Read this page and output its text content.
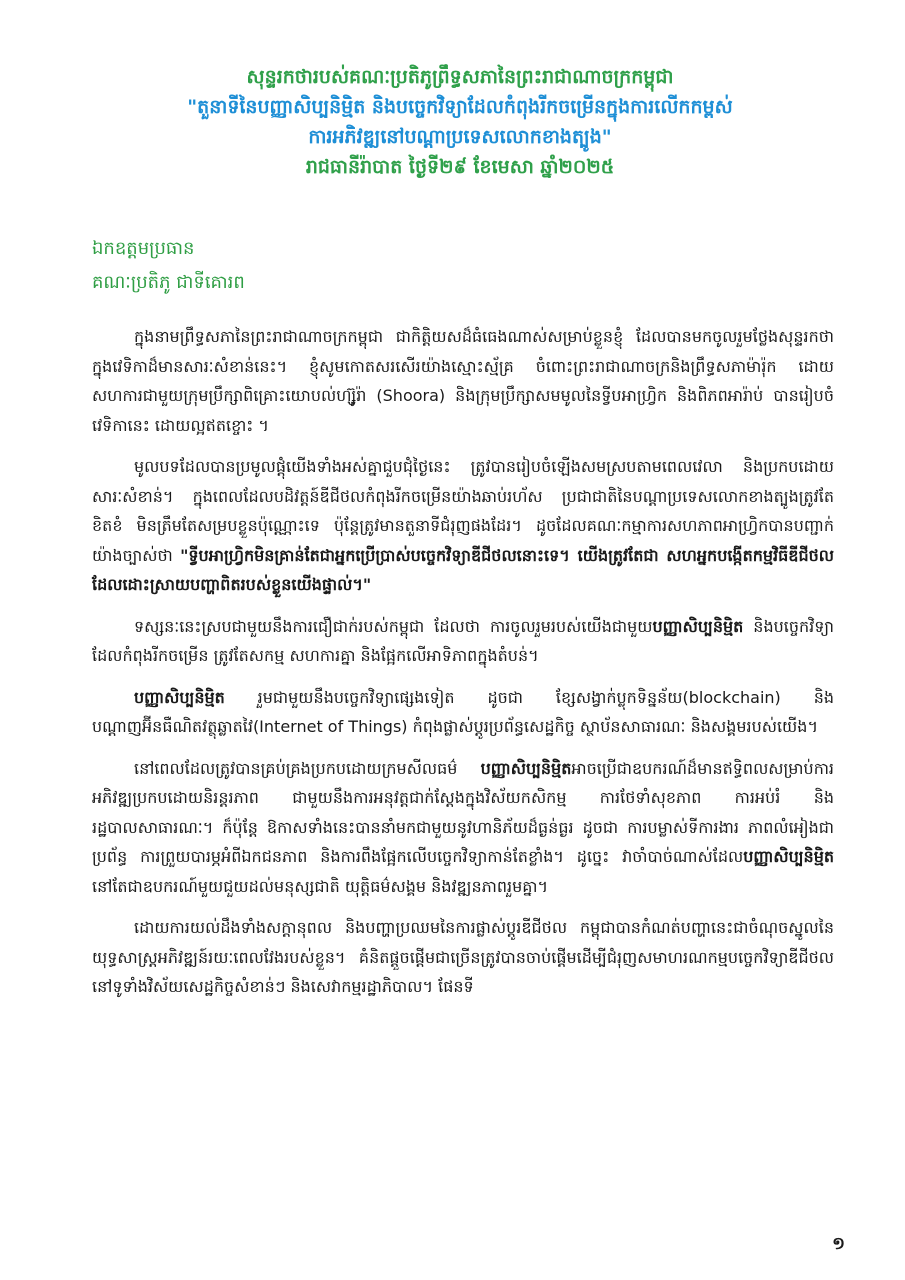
សុន្ទរកថារបស់គណៈប្រតិភូព្រឹទ្ធសភានៃព្រះរាជាណាចក្រកម្ពុជា
"តួនាទីនៃបញ្ញាសិប្បនិម្មិត និងបច្ចេកវិទ្យាដែលកំពុងរីកចម្រើនក្នុងការលើកកម្ពស់
ការអភិវឌ្ឍនៅបណ្តាប្រទេសលោកខាងត្បូង"
រាជធានីរ៉ាបាត ថ្ងៃទី២៩ ខែមេសា ឆ្នាំ២០២៥
ឯកឧត្តមប្រធាន
គណៈប្រតិភូ ជាទីគោរព

ក្នុងនាមព្រឹទ្ធសភានៃព្រះរាជាណាចក្រកម្ពុជា ជាកិត្តិយសដ៏ធំធេងណាស់សម្រាប់ខ្លួនខ្ញុំ ដែលបានមកចូលរួមថ្លែងសុន្ទរកថាក្នុងវេទិកាដ៏មានសារៈសំខាន់នេះ។ ខ្ញុំសូមកោតសរសើរយ៉ាងស្មោះស្ម័គ្រ ចំពោះព្រះរាជាណាចក្រនិងព្រឹទ្ធសភាម៉ារ៉ុក ដោយសហការជាមួយក្រុមប្រឹក្សាពិគ្រោះយោបល់ហ្ស៊ូរ៉ា (Shoora) និងក្រុមប្រឹក្សាសមមូលនៃទ្វីបអាហ្វ្រិក និងពិភពអារ៉ាប់ បានរៀបចំវេទិកានេះ ដោយល្អឥតខ្ចោះ ។

មូលបទដែលបានប្រមូលផ្តុំយើងទាំងអស់គ្នាជួបជុំថ្ងៃនេះ ត្រូវបានរៀបចំឡើងសមស្របតាមពេលវេលា និងប្រកបដោយសារៈសំខាន់។ ក្នុងពេលដែលបដិវត្តន៍ឌីជីថលកំពុងរីកចម្រើនយ៉ាងឆាប់រហ័ស ប្រជាជាតិនៃបណ្តាប្រទេសលោកខាងត្បូងត្រូវតែខិតខំ មិនត្រឹមតែសម្របខ្លួនប៉ុណ្ណោះទេ ប៉ុន្តែត្រូវមានតួនាទីជំរុញផងដែរ។ ដូចដែលគណៈកម្មាការសហភាពអាហ្វ្រិកបានបញ្ជាក់យ៉ាងច្បាស់ថា "ទ្វីបអាហ្វ្រិកមិនគ្រាន់តែជាអ្នកប្រើប្រាស់បច្ចេកវិទ្យាឌីជីថលនោះទេ។ យើងត្រូវតែជា សហអ្នកបង្កើតកម្មវិធីឌីជីថល ដែលដោះស្រាយបញ្ហាពិតរបស់ខ្លួនយើងផ្ទាល់។"

ទស្សនៈនេះស្របជាមួយនឹងការជឿជាក់របស់កម្ពុជា ដែលថា ការចូលរួមរបស់យើងជាមួយបញ្ញាសិប្បនិម្មិត និងបច្ចេកវិទ្យាដែលកំពុងរីកចម្រើន ត្រូវតែសកម្ម សហការគ្នា និងផ្អែកលើអាទិភាពក្នុងតំបន់។

បញ្ញាសិប្បនិម្មិត រួមជាមួយនឹងបច្ចេកវិទ្យាផ្សេងទៀត ដូចជា ខ្សែសង្វាក់ប្លុកទិន្នន័យ(blockchain) និង បណ្តាញអ៊ីនធឺណិតវត្ថុឆ្លាតវៃ(Internet of Things) កំពុងផ្លាស់ប្តូរប្រព័ន្ធសេដ្ឋកិច្ច ស្ថាប័នសាធារណៈ និងសង្គមរបស់យើង។

នៅពេលដែលត្រូវបានគ្រប់គ្រងប្រកបដោយក្រមសីលធម៌ បញ្ញាសិប្បនិម្មិតអាចប្រើជាឧបករណ៍ដ៏មានឥទ្ធិពលសម្រាប់ការអភិវឌ្ឍប្រកបដោយនិរន្តរភាព ជាមួយនឹងការអនុវត្តជាក់ស្តែងក្នុងវិស័យកសិកម្ម ការថែទាំសុខភាព ការអប់រំ និងរដ្ឋបាលសាធារណៈ។ ក៏ប៉ុន្តែ ឱកាសទាំងនេះបាននាំមកជាមួយនូវហានិភ័យដ៏ធ្ងន់ធ្ងរ ដូចជា ការបម្លាស់ទីការងារ ភាពលំអៀងជាប្រព័ន្ធ ការព្រួយបារម្ភអំពីឯកជនភាព និងការពឹងផ្អែកលើបច្ចេកវិទ្យាកាន់តែខ្លាំង។ ដូច្នេះ វាចាំបាច់ណាស់ដែលបញ្ញាសិប្បនិម្មិត នៅតែជាឧបករណ៍មួយជួយដល់មនុស្សជាតិ យុត្តិធម៌សង្គម និងវឌ្ឍនភាពរួមគ្នា។

ដោយការយល់ដឹងទាំងសក្តានុពល និងបញ្ហាប្រឈមនៃការផ្លាស់ប្តូរឌីជីថល កម្ពុជាបានកំណត់បញ្ហានេះជាចំណុចស្នូលនៃយុទ្ធសាស្ត្រអភិវឌ្ឍន៍រយៈពេលវែងរបស់ខ្លួន។ គំនិតផ្តួចផ្តើមជាច្រើនត្រូវបានចាប់ផ្តើមដើម្បីជំរុញសមាហរណកម្មបច្ចេកវិទ្យាឌីជីថលនៅទូទាំងវិស័យសេដ្ឋកិច្ចសំខាន់ៗ និងសេវាកម្មរដ្ឋាភិបាល។ ផែនទី

១
